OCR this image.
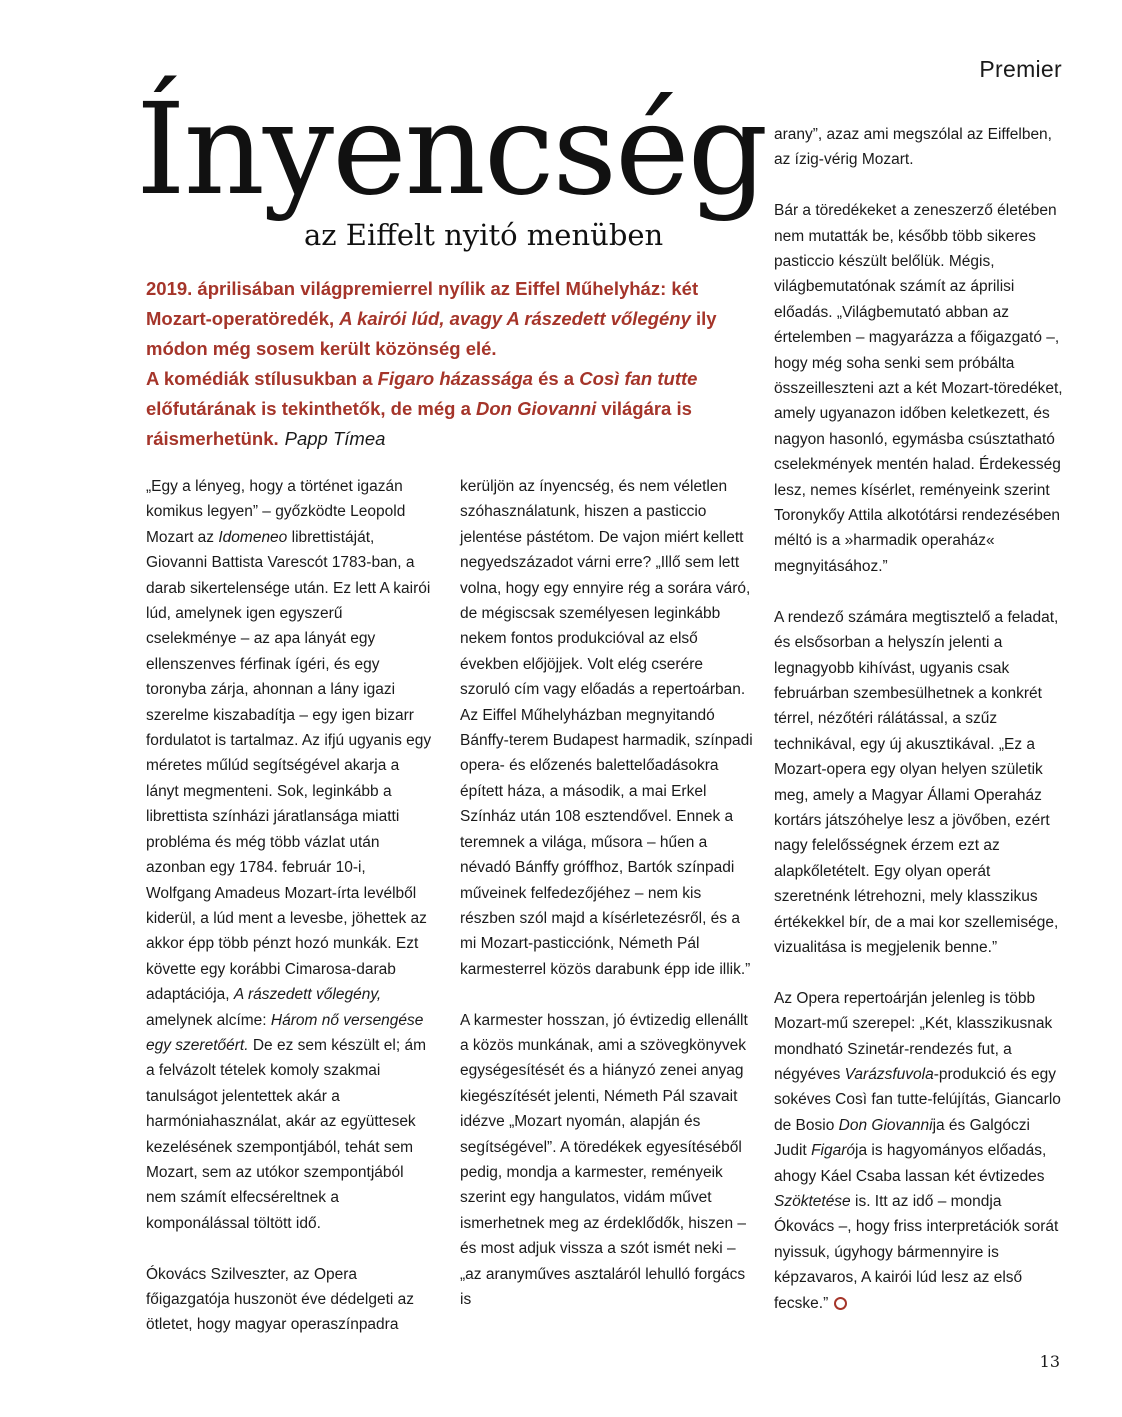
Premier
Ínyencség
az Eiffelt nyitó menüben

2019. áprilisában világpremierrel nyílik az Eiffel Műhelyház: két Mozart-operatöredék, A kairói lúd, avagy A rászedett vőlegény ily módon még sosem került közönség elé.

A komédiák stílusukban a Figaro házassága és a Così fan tutte előfutárának is tekinthetők, de még a Don Giovanni világára is ráismerhetünk. Papp Tímea

„Egy a lényeg, hogy a történet igazán komikus legyen” – győzködte Leopold Mozart az Idomeneo librettistáját, Giovanni Battista Varescót 1783-ban, a darab sikertelensége után. Ez lett A kairói lúd, amelynek igen egyszerű cselekménye – az apa lányát egy ellenszenves férfinak ígéri, és egy toronyba zárja, ahonnan a lány igazi szerelme kiszabadítja – egy igen bizarr fordulatot is tartalmaz. Az ifjú ugyanis egy méretes műlúd segítségével akarja a lányt megmenteni. Sok, leginkább a librettista színházi járatlansága miatti probléma és még több vázlat után azonban egy 1784. február 10-i, Wolfgang Amadeus Mozart-írta levélből kiderül, a lúd ment a levesbe, jöhettek az akkor épp több pénzt hozó munkák. Ezt követte egy korábbi Cimarosa-darab adaptációja, A rászedett vőlegény, amelynek alcíme: Három nő versengése egy szeretőért. De ez sem készült el; ám a felvázolt tételek komoly szakmai tanulságot jelentettek akár a harmóniahasználat, akár az együttesek kezelésének szempontjából, tehát sem Mozart, sem az utókor szempontjából nem számít elfecséreltnek a komponálással töltött idő.

Ókovács Szilveszter, az Opera főigazgatója huszonöt éve dédelgeti az ötletet, hogy magyar operaszínpadra

kerüljön az ínyencség, és nem véletlen szóhasználatunk, hiszen a pasticcio jelentése pástétom. De vajon miért kellett negyedszázadot várni erre? „Illő sem lett volna, hogy egy ennyire rég a sorára váró, de mégiscsak személyesen leginkább nekem fontos produkcióval az első években előjöjjek. Volt elég cserére szoruló cím vagy előadás a repertoárban. Az Eiffel Műhelyházban megnyitandó Bánffy-terem Budapest harmadik, színpadi opera- és előzenés balettelőadásokra épített háza, a második, a mai Erkel Színház után 108 esztendővel. Ennek a teremnek a világa, műsora – hűen a névadó Bánffy gróffhoz, Bartók színpadi műveinek felfedezőjéhez – nem kis részben szól majd a kísérletezésről, és a mi Mozart-pasticciónk, Németh Pál karmesterrel közös darabunk épp ide illik.”

A karmester hosszan, jó évtizedig ellenállt a közös munkának, ami a szövegkönyvek egységesítését és a hiányzó zenei anyag kiegészítését jelenti, Németh Pál szavait idézve „Mozart nyomán, alapján és segítségével”. A töredékek egyesítéséből pedig, mondja a karmester, reményeik szerint egy hangulatos, vidám művet ismerhetnek meg az érdeklődők, hiszen – és most adjuk vissza a szót ismét neki – „az aranyműves asztaláról lehulló forgács is

arany”, azaz ami megszólal az Eiffelben, az ízig-vérig Mozart.

Bár a töredékeket a zeneszerző életében nem mutatták be, később több sikeres pasticcio készült belőlük. Mégis, világbemutatónak számít az áprilisi előadás. „Világbemutató abban az értelemben – magyarázza a főigazgató –, hogy még soha senki sem próbálta összeilleszteni azt a két Mozart-töredéket, amely ugyanazon időben keletkezett, és nagyon hasonló, egymásba csúsztatható cselekmények mentén halad. Érdekesség lesz, nemes kísérlet, reményeink szerint Toronykőy Attila alkotótársi rendezésében méltó is a »harmadik operaház« megnyitásához.”

A rendező számára megtisztelő a feladat, és elsősorban a helyszín jelenti a legnagyobb kihívást, ugyanis csak februárban szembesülhetnek a konkrét térrel, nézőtéri rálátással, a szűz technikával, egy új akusztikával. „Ez a Mozart-opera egy olyan helyen születik meg, amely a Magyar Állami Operaház kortárs játszóhelye lesz a jövőben, ezért nagy felelősségnek érzem ezt az alapkőletételt. Egy olyan operát szeretnénk létrehozni, mely klasszikus értékekkel bír, de a mai kor szellemisége, vizualitása is megjelenik benne.”

Az Opera repertoárján jelenleg is több Mozart-mű szerepel: „Két, klasszikusnak mondható Szinetár-rendezés fut, a négyéves Varázsfuvola-produkció és egy sokéves Così fan tutte-felújítás, Giancarlo de Bosio Don Giovannija és Galgóczi Judit Figarója is hagyományos előadás, ahogy Káel Csaba lassan két évtizedes Szöktetése is. Itt az idő – mondja Ókovács –, hogy friss interpretációk sorát nyissuk, úgyhogy bármennyire is képzavaros, A kairói lúd lesz az első fecske.”

13
